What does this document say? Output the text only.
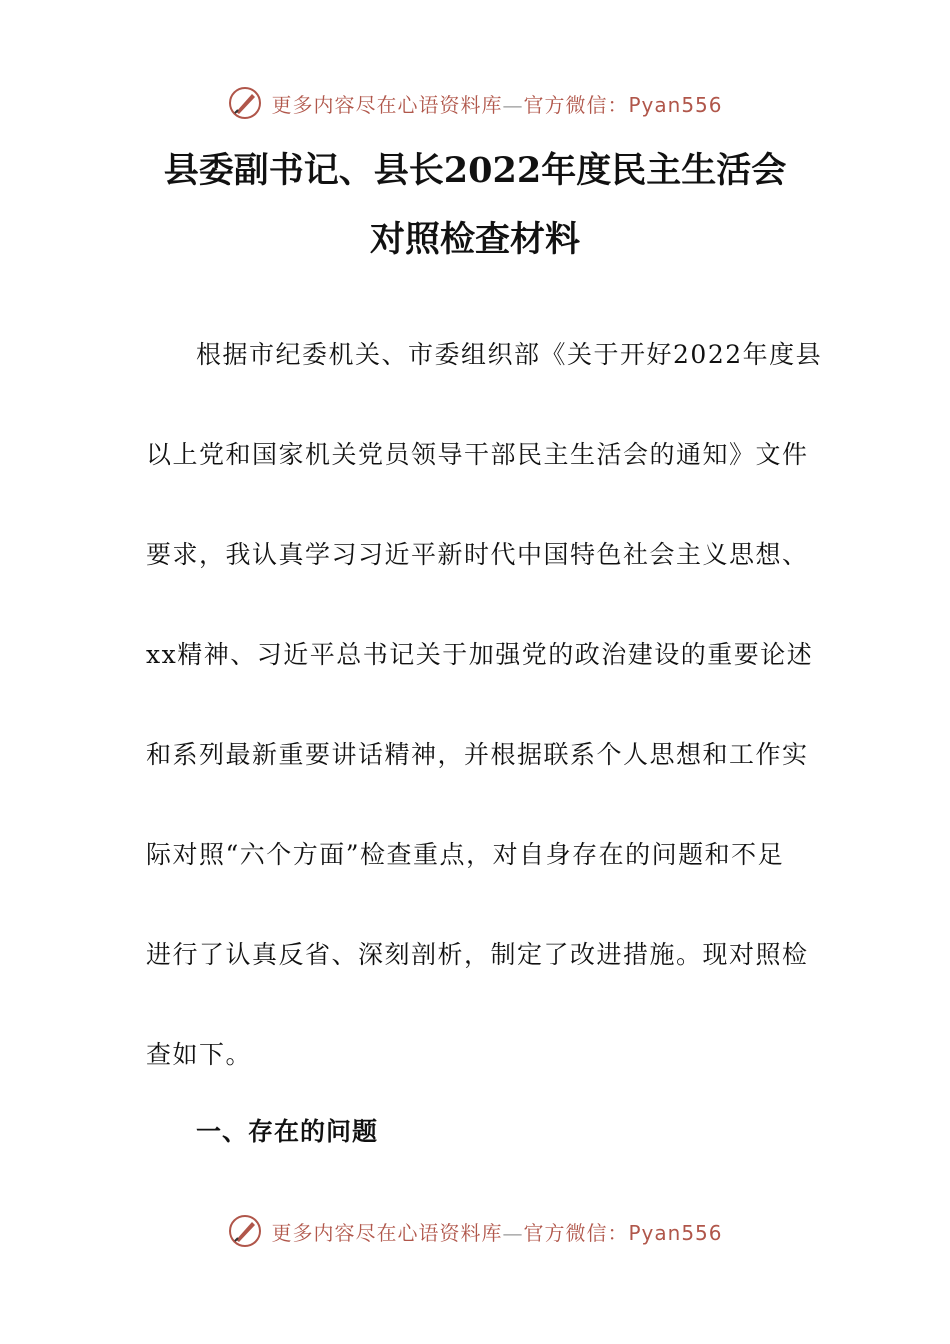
更多内容尽在心语资料库—官方微信：Pyan556
县委副书记、县长2022年度民主生活会
对照检查材料
根据市纪委机关、市委组织部《关于开好2022年度县
以上党和国家机关党员领导干部民主生活会的通知》文件
要求，我认真学习习近平新时代中国特色社会主义思想、
xx精神、习近平总书记关于加强党的政治建设的重要论述
和系列最新重要讲话精神，并根据联系个人思想和工作实
际对照“六个方面”检查重点，对自身存在的问题和不足
进行了认真反省、深刻剖析，制定了改进措施。现对照检
查如下。
一、存在的问题
更多内容尽在心语资料库—官方微信：Pyan556
